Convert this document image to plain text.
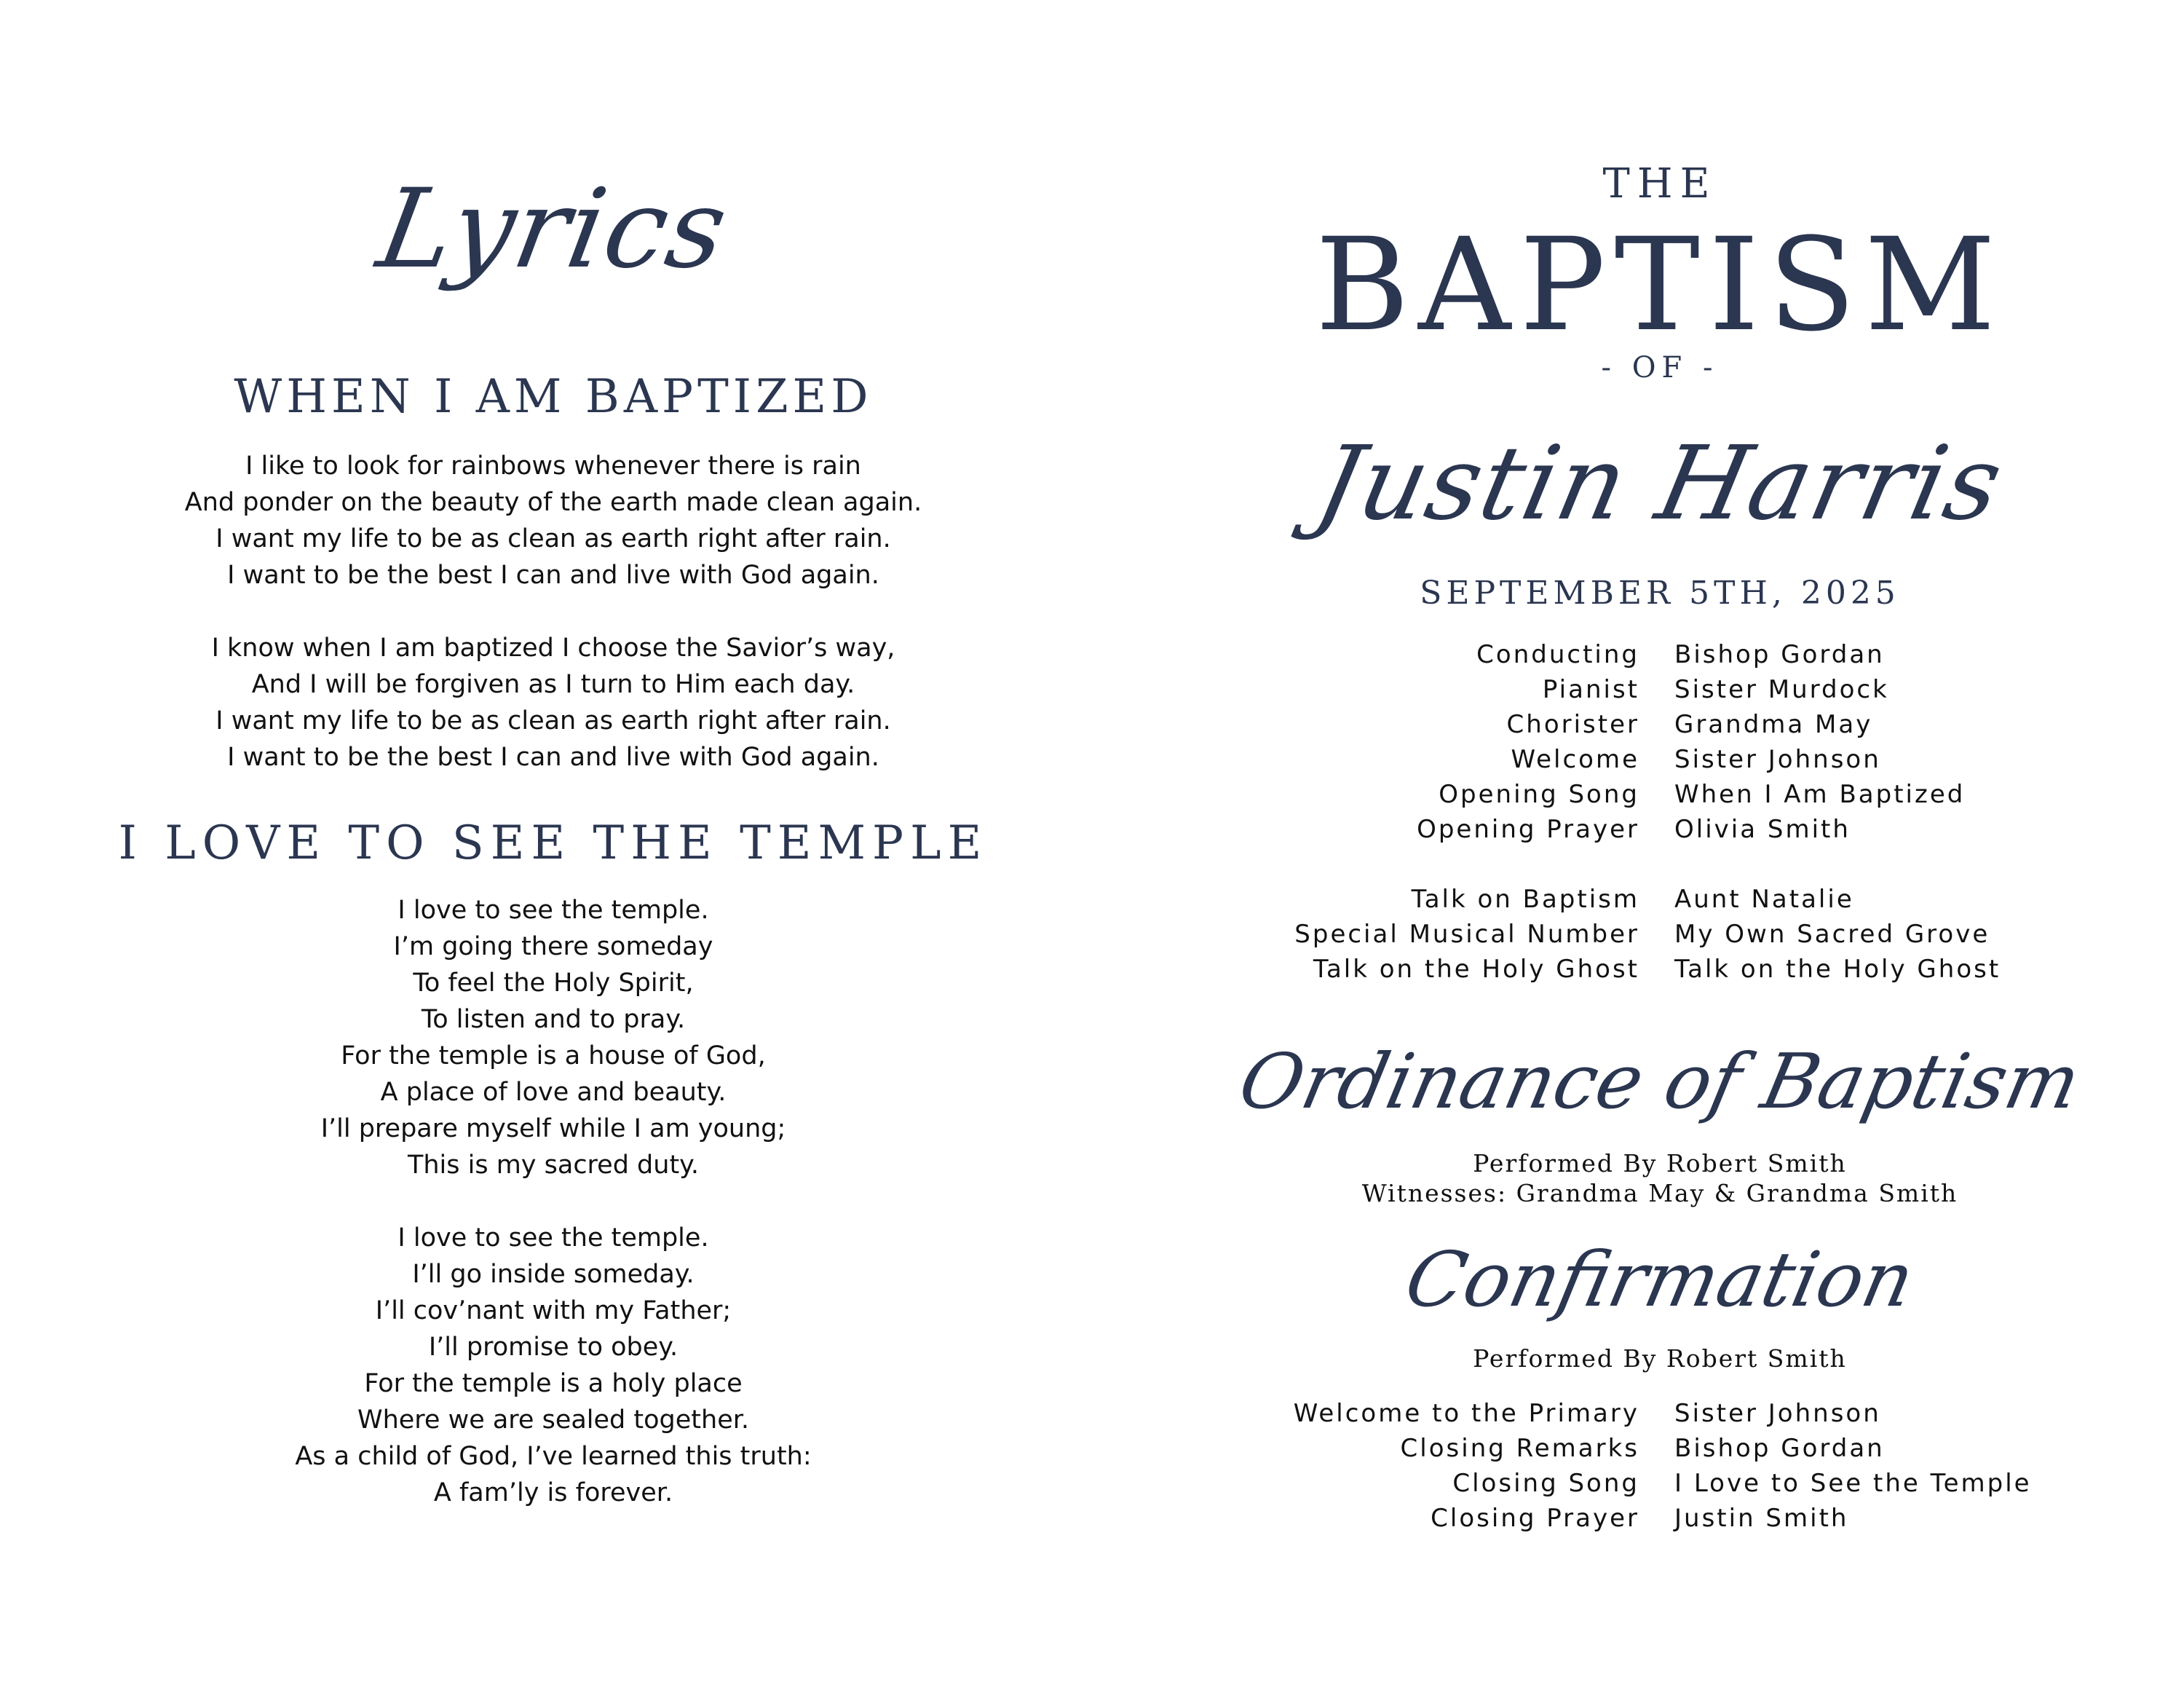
Lyrics
WHEN I AM BAPTIZED
I like to look for rainbows whenever there is rain
And ponder on the beauty of the earth made clean again.
I want my life to be as clean as earth right after rain.
I want to be the best I can and live with God again.
I know when I am baptized I choose the Savior’s way,
And I will be forgiven as I turn to Him each day.
I want my life to be as clean as earth right after rain.
I want to be the best I can and live with God again.
I LOVE TO SEE THE TEMPLE
I love to see the temple.
I’m going there someday
To feel the Holy Spirit,
To listen and to pray.
For the temple is a house of God,
A place of love and beauty.
I’ll prepare myself while I am young;
This is my sacred duty.
I love to see the temple.
I’ll go inside someday.
I’ll cov’nant with my Father;
I’ll promise to obey.
For the temple is a holy place
Where we are sealed together.
As a child of God, I’ve learned this truth:
A fam’ly is forever.
THE
BAPTISM
- OF -
Justin Harris
SEPTEMBER 5TH, 2025
Conducting	Bishop Gordan
Pianist	Sister Murdock
Chorister	Grandma May
Welcome	Sister Johnson
Opening Song	When I Am Baptized
Opening Prayer	Olivia Smith
Talk on Baptism	Aunt Natalie
Special Musical Number	My Own Sacred Grove
Talk on the Holy Ghost	Talk on the Holy Ghost
Ordinance of Baptism
Performed By Robert Smith
Witnesses: Grandma May & Grandma Smith
Confirmation
Performed By Robert Smith
Welcome to the Primary	Sister Johnson
Closing Remarks	Bishop Gordan
Closing Song	I Love to See the Temple
Closing Prayer	Justin Smith
